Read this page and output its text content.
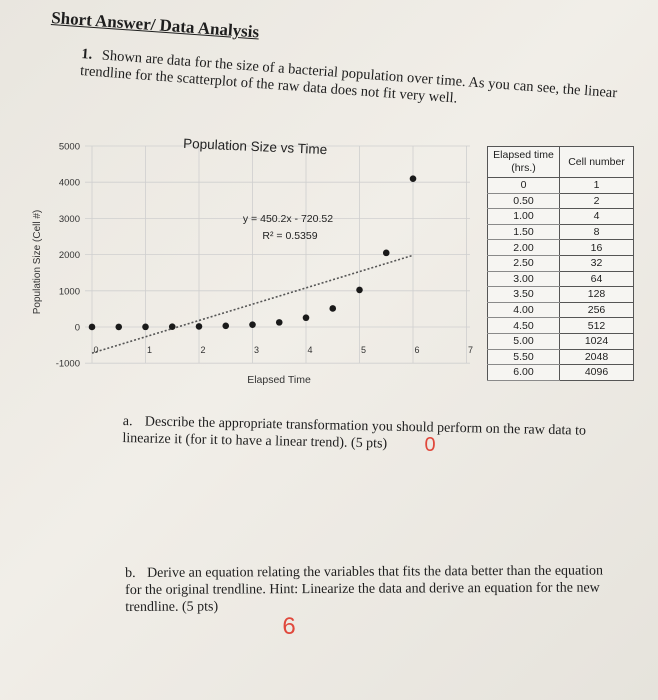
Short Answer/ Data Analysis

1. Shown are data for the size of a bacterial population over time. As you can see, the linear trendline for the scatterplot of the raw data does not fit very well.

Population Size vs Time
5000
4000
3000
2000
1000
0
-1000
0	1	2	3	4	5	6	7
Population Size (Cell #)
Elapsed Time
y = 450.2x - 720.52
R² = 0.5359
Elapsed time (hrs.)	Cell number
0	1
0.50	2
1.00	4
1.50	8
2.00	16
2.50	32
3.00	64
3.50	128
4.00	256
4.50	512
5.00	1024
5.50	2048
6.00	4096

a. Describe the appropriate transformation you should perform on the raw data to linearize it (for it to have a linear trend). (5 pts)	0

b. Derive an equation relating the variables that fits the data better than the equation for the original trendline. Hint: Linearize the data and derive an equation for the new trendline. (5 pts)

6
